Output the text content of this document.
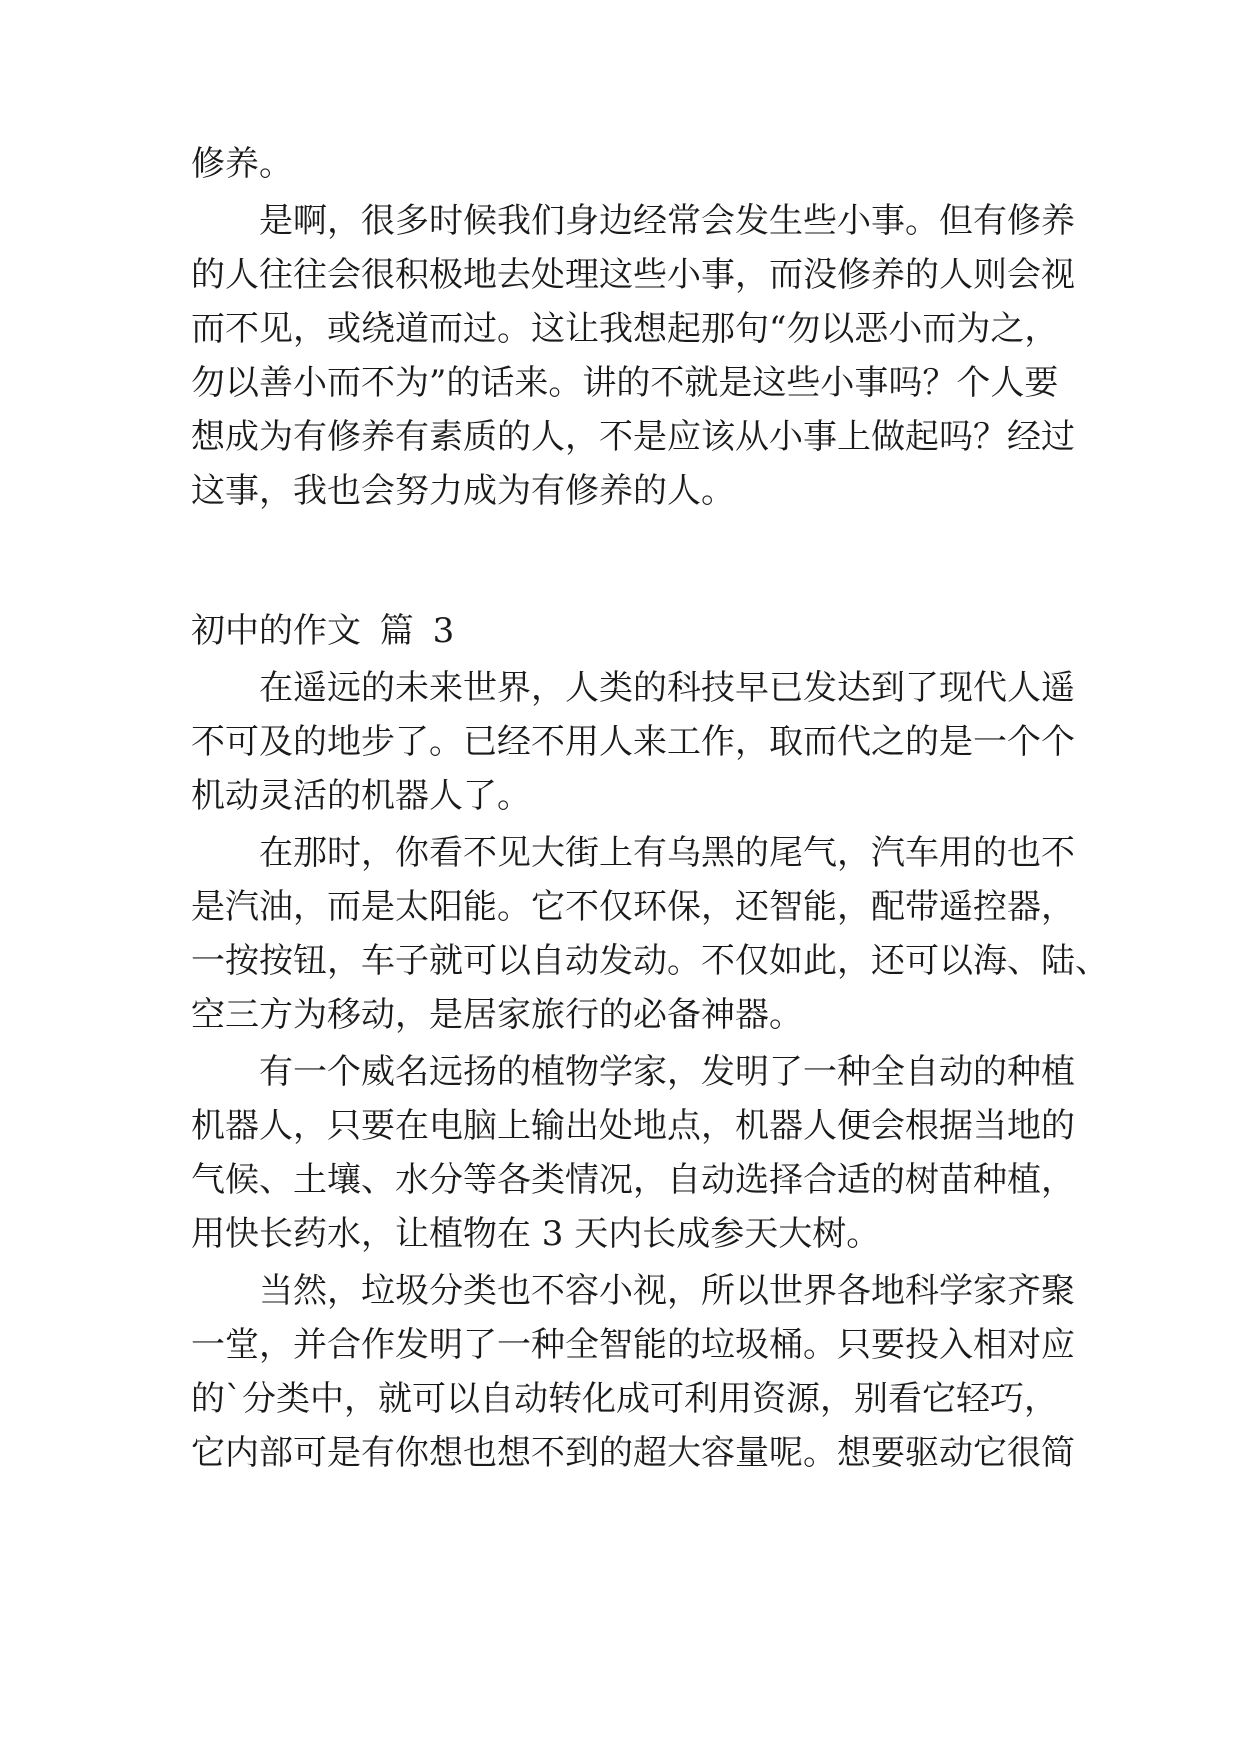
修养。
是啊，很多时候我们身边经常会发生些小事。但有修养
的人往往会很积极地去处理这些小事，而没修养的人则会视
而不见，或绕道而过。这让我想起那句“勿以恶小而为之，
勿以善小而不为”的话来。讲的不就是这些小事吗？个人要
想成为有修养有素质的人，不是应该从小事上做起吗？经过
这事，我也会努力成为有修养的人。
初中的作文 篇 3
在遥远的未来世界，人类的科技早已发达到了现代人遥
不可及的地步了。已经不用人来工作，取而代之的是一个个
机动灵活的机器人了。
在那时，你看不见大街上有乌黑的尾气，汽车用的也不
是汽油，而是太阳能。它不仅环保，还智能，配带遥控器，
一按按钮，车子就可以自动发动。不仅如此，还可以海、陆、
空三方为移动，是居家旅行的必备神器。
有一个威名远扬的植物学家，发明了一种全自动的种植
机器人，只要在电脑上输出处地点，机器人便会根据当地的
气候、土壤、水分等各类情况，自动选择合适的树苗种植，
用快长药水，让植物在 3 天内长成参天大树。
当然，垃圾分类也不容小视，所以世界各地科学家齐聚
一堂，并合作发明了一种全智能的垃圾桶。只要投入相对应
的`分类中，就可以自动转化成可利用资源，别看它轻巧，
它内部可是有你想也想不到的超大容量呢。想要驱动它很简
